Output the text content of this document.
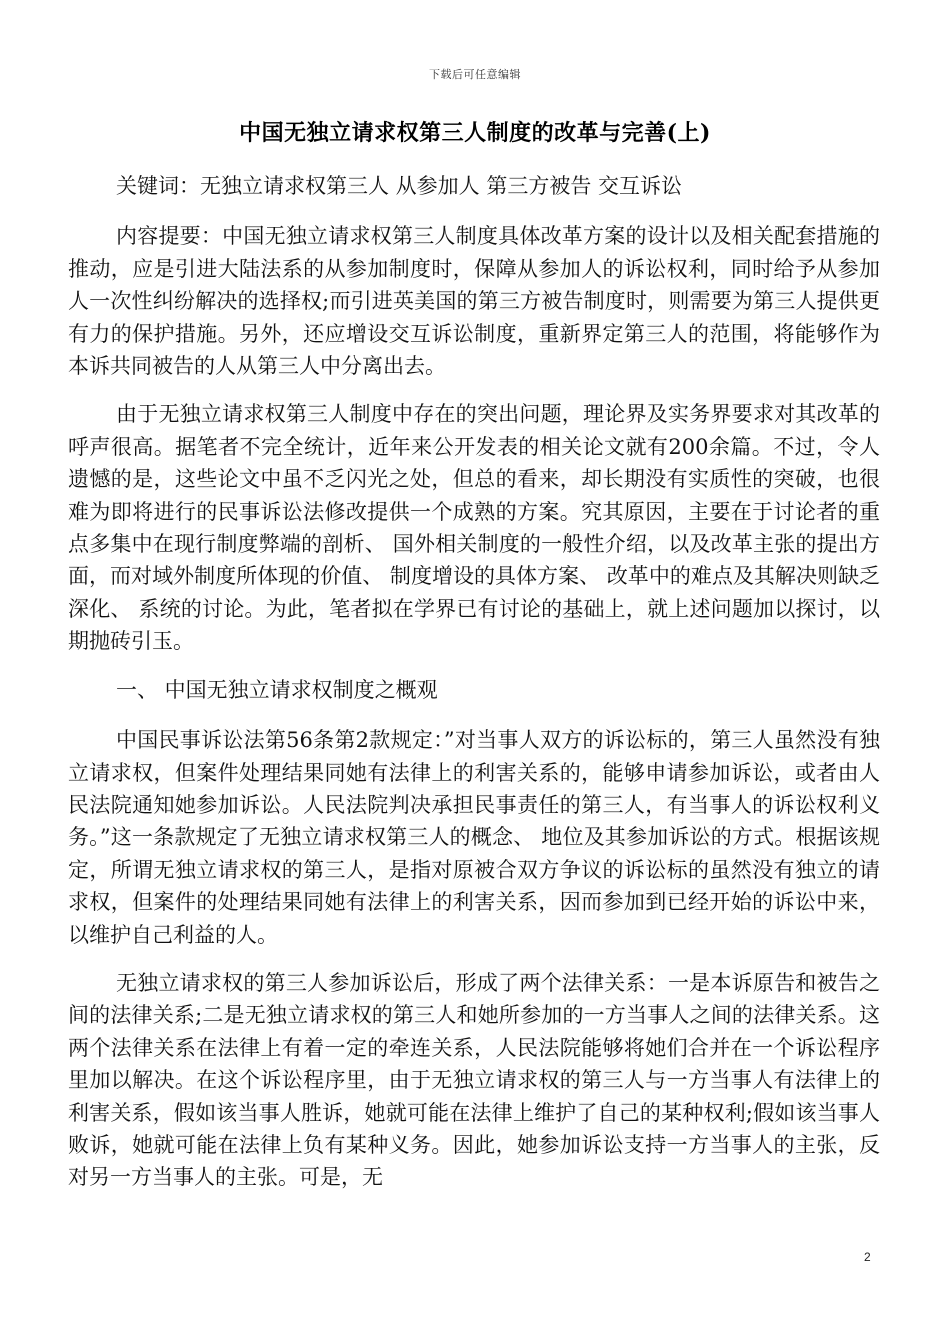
下载后可任意编辑
中国无独立请求权第三人制度的改革与完善(上)

关键词：无独立请求权第三人 从参加人 第三方被告 交互诉讼

内容提要：中国无独立请求权第三人制度具体改革方案的设计以及相关配套措施的推动，应是引进大陆法系的从参加制度时，保障从参加人的诉讼权利，同时给予从参加人一次性纠纷解决的选择权;而引进英美国的第三方被告制度时，则需要为第三人提供更有力的保护措施。另外，还应增设交互诉讼制度，重新界定第三人的范围，将能够作为本诉共同被告的人从第三人中分离出去。

由于无独立请求权第三人制度中存在的突出问题，理论界及实务界要求对其改革的呼声很高。据笔者不完全统计，近年来公开发表的相关论文就有200余篇。不过，令人遗憾的是，这些论文中虽不乏闪光之处，但总的看来，却长期没有实质性的突破，也很难为即将进行的民事诉讼法修改提供一个成熟的方案。究其原因，主要在于讨论者的重点多集中在现行制度弊端的剖析、 国外相关制度的一般性介绍，以及改革主张的提出方面，而对域外制度所体现的价值、 制度增设的具体方案、 改革中的难点及其解决则缺乏深化、 系统的讨论。为此，笔者拟在学界已有讨论的基础上，就上述问题加以探讨，以期抛砖引玉。

一、 中国无独立请求权制度之概观

中国民事诉讼法第56条第2款规定：”对当事人双方的诉讼标的，第三人虽然没有独立请求权，但案件处理结果同她有法律上的利害关系的，能够申请参加诉讼，或者由人民法院通知她参加诉讼。人民法院判决承担民事责任的第三人，有当事人的诉讼权利义务。”这一条款规定了无独立请求权第三人的概念、 地位及其参加诉讼的方式。根据该规定，所谓无独立请求权的第三人，是指对原被合双方争议的诉讼标的虽然没有独立的请求权，但案件的处理结果同她有法律上的利害关系，因而参加到已经开始的诉讼中来，以维护自己利益的人。

无独立请求权的第三人参加诉讼后，形成了两个法律关系：一是本诉原告和被告之间的法律关系;二是无独立请求权的第三人和她所参加的一方当事人之间的法律关系。这两个法律关系在法律上有着一定的牵连关系，人民法院能够将她们合并在一个诉讼程序里加以解决。在这个诉讼程序里，由于无独立请求权的第三人与一方当事人有法律上的利害关系，假如该当事人胜诉，她就可能在法律上维护了自己的某种权利;假如该当事人败诉，她就可能在法律上负有某种义务。因此，她参加诉讼支持一方当事人的主张，反对另一方当事人的主张。可是，无

2
